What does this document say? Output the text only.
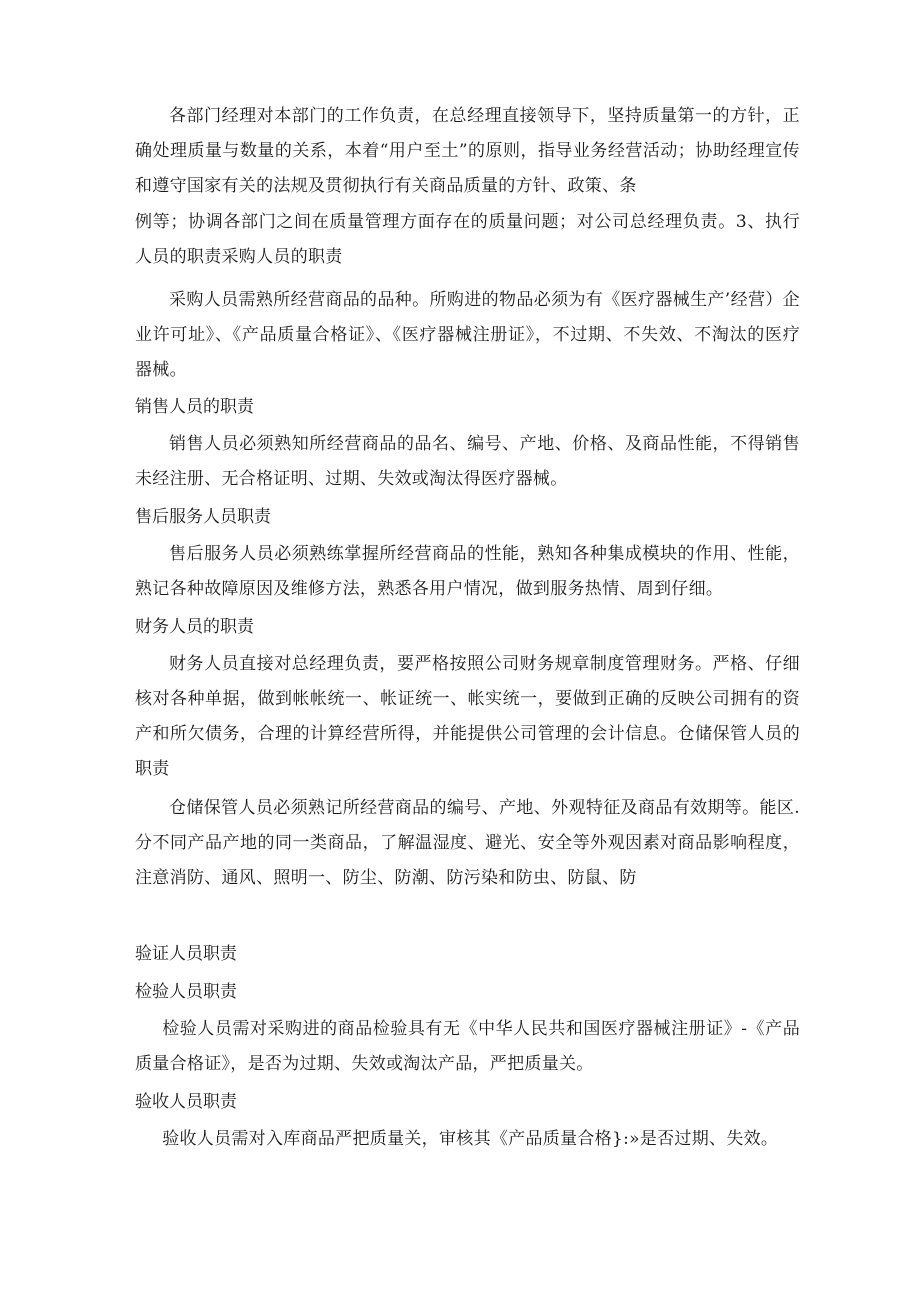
各部门经理对本部门的工作负责，在总经理直接领导下，坚持质量第一的方针，正确处理质量与数量的关系，本着“用户至土”的原则，指导业务经营活动；协助经理宣传和遵守国家有关的法规及贯彻执行有关商品质量的方针、政策、条

例等；协调各部门之间在质量管理方面存在的质量问题；对公司总经理负责。3、执行人员的职责采购人员的职责

采购人员需熟所经营商品的品种。所购进的物品必须为有《医疗器械生产’经营）企业许可址》、《产品质量合格证》、《医疗器械注册证》，不过期、不失效、不淘汰的医疗器械。

销售人员的职责

销售人员必须熟知所经营商品的品名、编号、产地、价格、及商品性能，不得销售未经注册、无合格证明、过期、失效或淘汰得医疗器械。

售后服务人员职责

售后服务人员必须熟练掌握所经营商品的性能，熟知各种集成模块的作用、性能，熟记各种故障原因及维修方法，熟悉各用户情况，做到服务热情、周到仔细。

财务人员的职责

财务人员直接对总经理负责，要严格按照公司财务规章制度管理财务。严格、仔细核对各种单据，做到帐帐统一、帐证统一、帐实统一，要做到正确的反映公司拥有的资产和所欠债务，合理的计算经营所得，并能提供公司管理的会计信息。仓储保管人员的职责

仓储保管人员必须熟记所经营商品的编号、产地、外观特征及商品有效期等。能区.分不同产品产地的同一类商品，了解温湿度、避光、安全等外观因素对商品影响程度，注意消防、通风、照明一、防尘、防潮、防污染和防虫、防鼠、防

验证人员职责

检验人员职责

检验人员需对采购进的商品检验具有无《中华人民共和国医疗器械注册证》-《产品质量合格证》，是否为过期、失效或淘汰产品，严把质量关。

验收人员职责

验收人员需对入库商品严把质量关，审核其《产品质量合格}:»是否过期、失效。
